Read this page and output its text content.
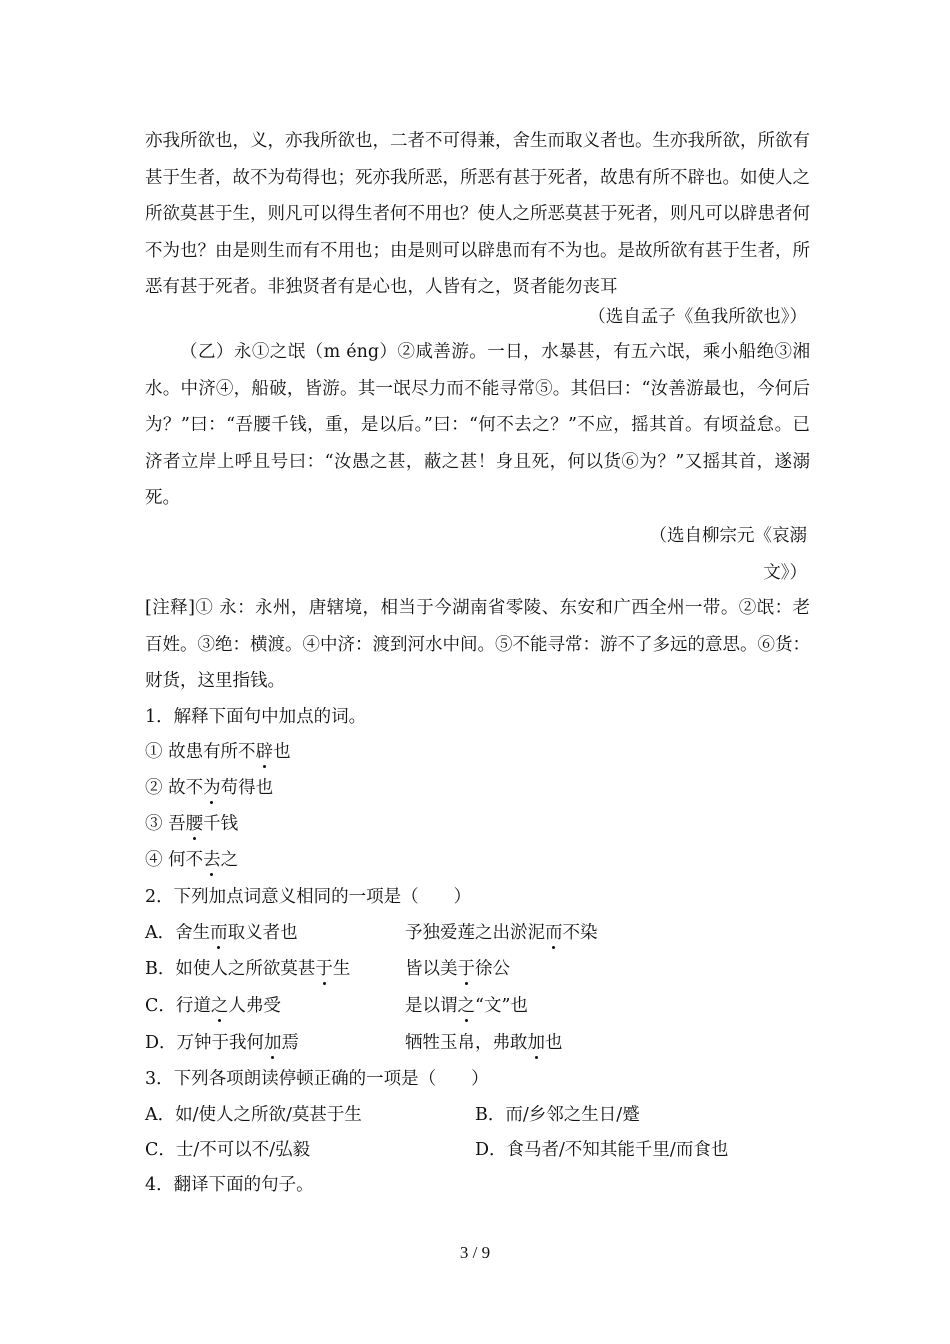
亦我所欲也，义，亦我所欲也，二者不可得兼，舍生而取义者也。生亦我所欲，所欲有甚于生者，故不为苟得也；死亦我所恶，所恶有甚于死者，故患有所不辟也。如使人之所欲莫甚于生，则凡可以得生者何不用也？使人之所恶莫甚于死者，则凡可以辟患者何不为也？由是则生而有不用也；由是则可以辟患而有不为也。是故所欲有甚于生者，所恶有甚于死者。非独贤者有是心也，人皆有之，贤者能勿丧耳
（选自孟子《鱼我所欲也》）
（乙）永①之氓（m éng）②咸善游。一日，水暴甚，有五六氓，乘小船绝③湘水。中济④，船破，皆游。其一氓尽力而不能寻常⑤。其侣曰：“汝善游最也，今何后为？”曰：“吾腰千钱，重，是以后。”曰：“何不去之？”不应，摇其首。有顷益怠。已济者立岸上呼且号曰：“汝愚之甚，蔽之甚！身且死，何以货⑥为？”又摇其首，遂溺死。
（选自柳宗元《哀溺
文》）
[注释]① 永：永州，唐辖境，相当于今湖南省零陵、东安和广西全州一带。②氓：老百姓。③绝：横渡。④中济：渡到河水中间。⑤不能寻常：游不了多远的意思。⑥货：财货，这里指钱。
1．解释下面句中加点的词。
① 故患有所不辟也
② 故不为苟得也
③ 吾腰千钱
④ 何不去之
2．下列加点词意义相同的一项是（　　）
A．舍生而取义者也	予独爱莲之出淤泥而不染
B．如使人之所欲莫甚于生	皆以美于徐公
C．行道之人弗受	是以谓之“文”也
D．万钟于我何加焉	牺牲玉帛，弗敢加也
3．下列各项朗读停顿正确的一项是（　　）
A．如/使人之所欲/莫甚于生	B．而/乡邻之生日/蹙
C．士/不可以不/弘毅	D．食马者/不知其能千里/而食也
4．翻译下面的句子。
3 / 9
